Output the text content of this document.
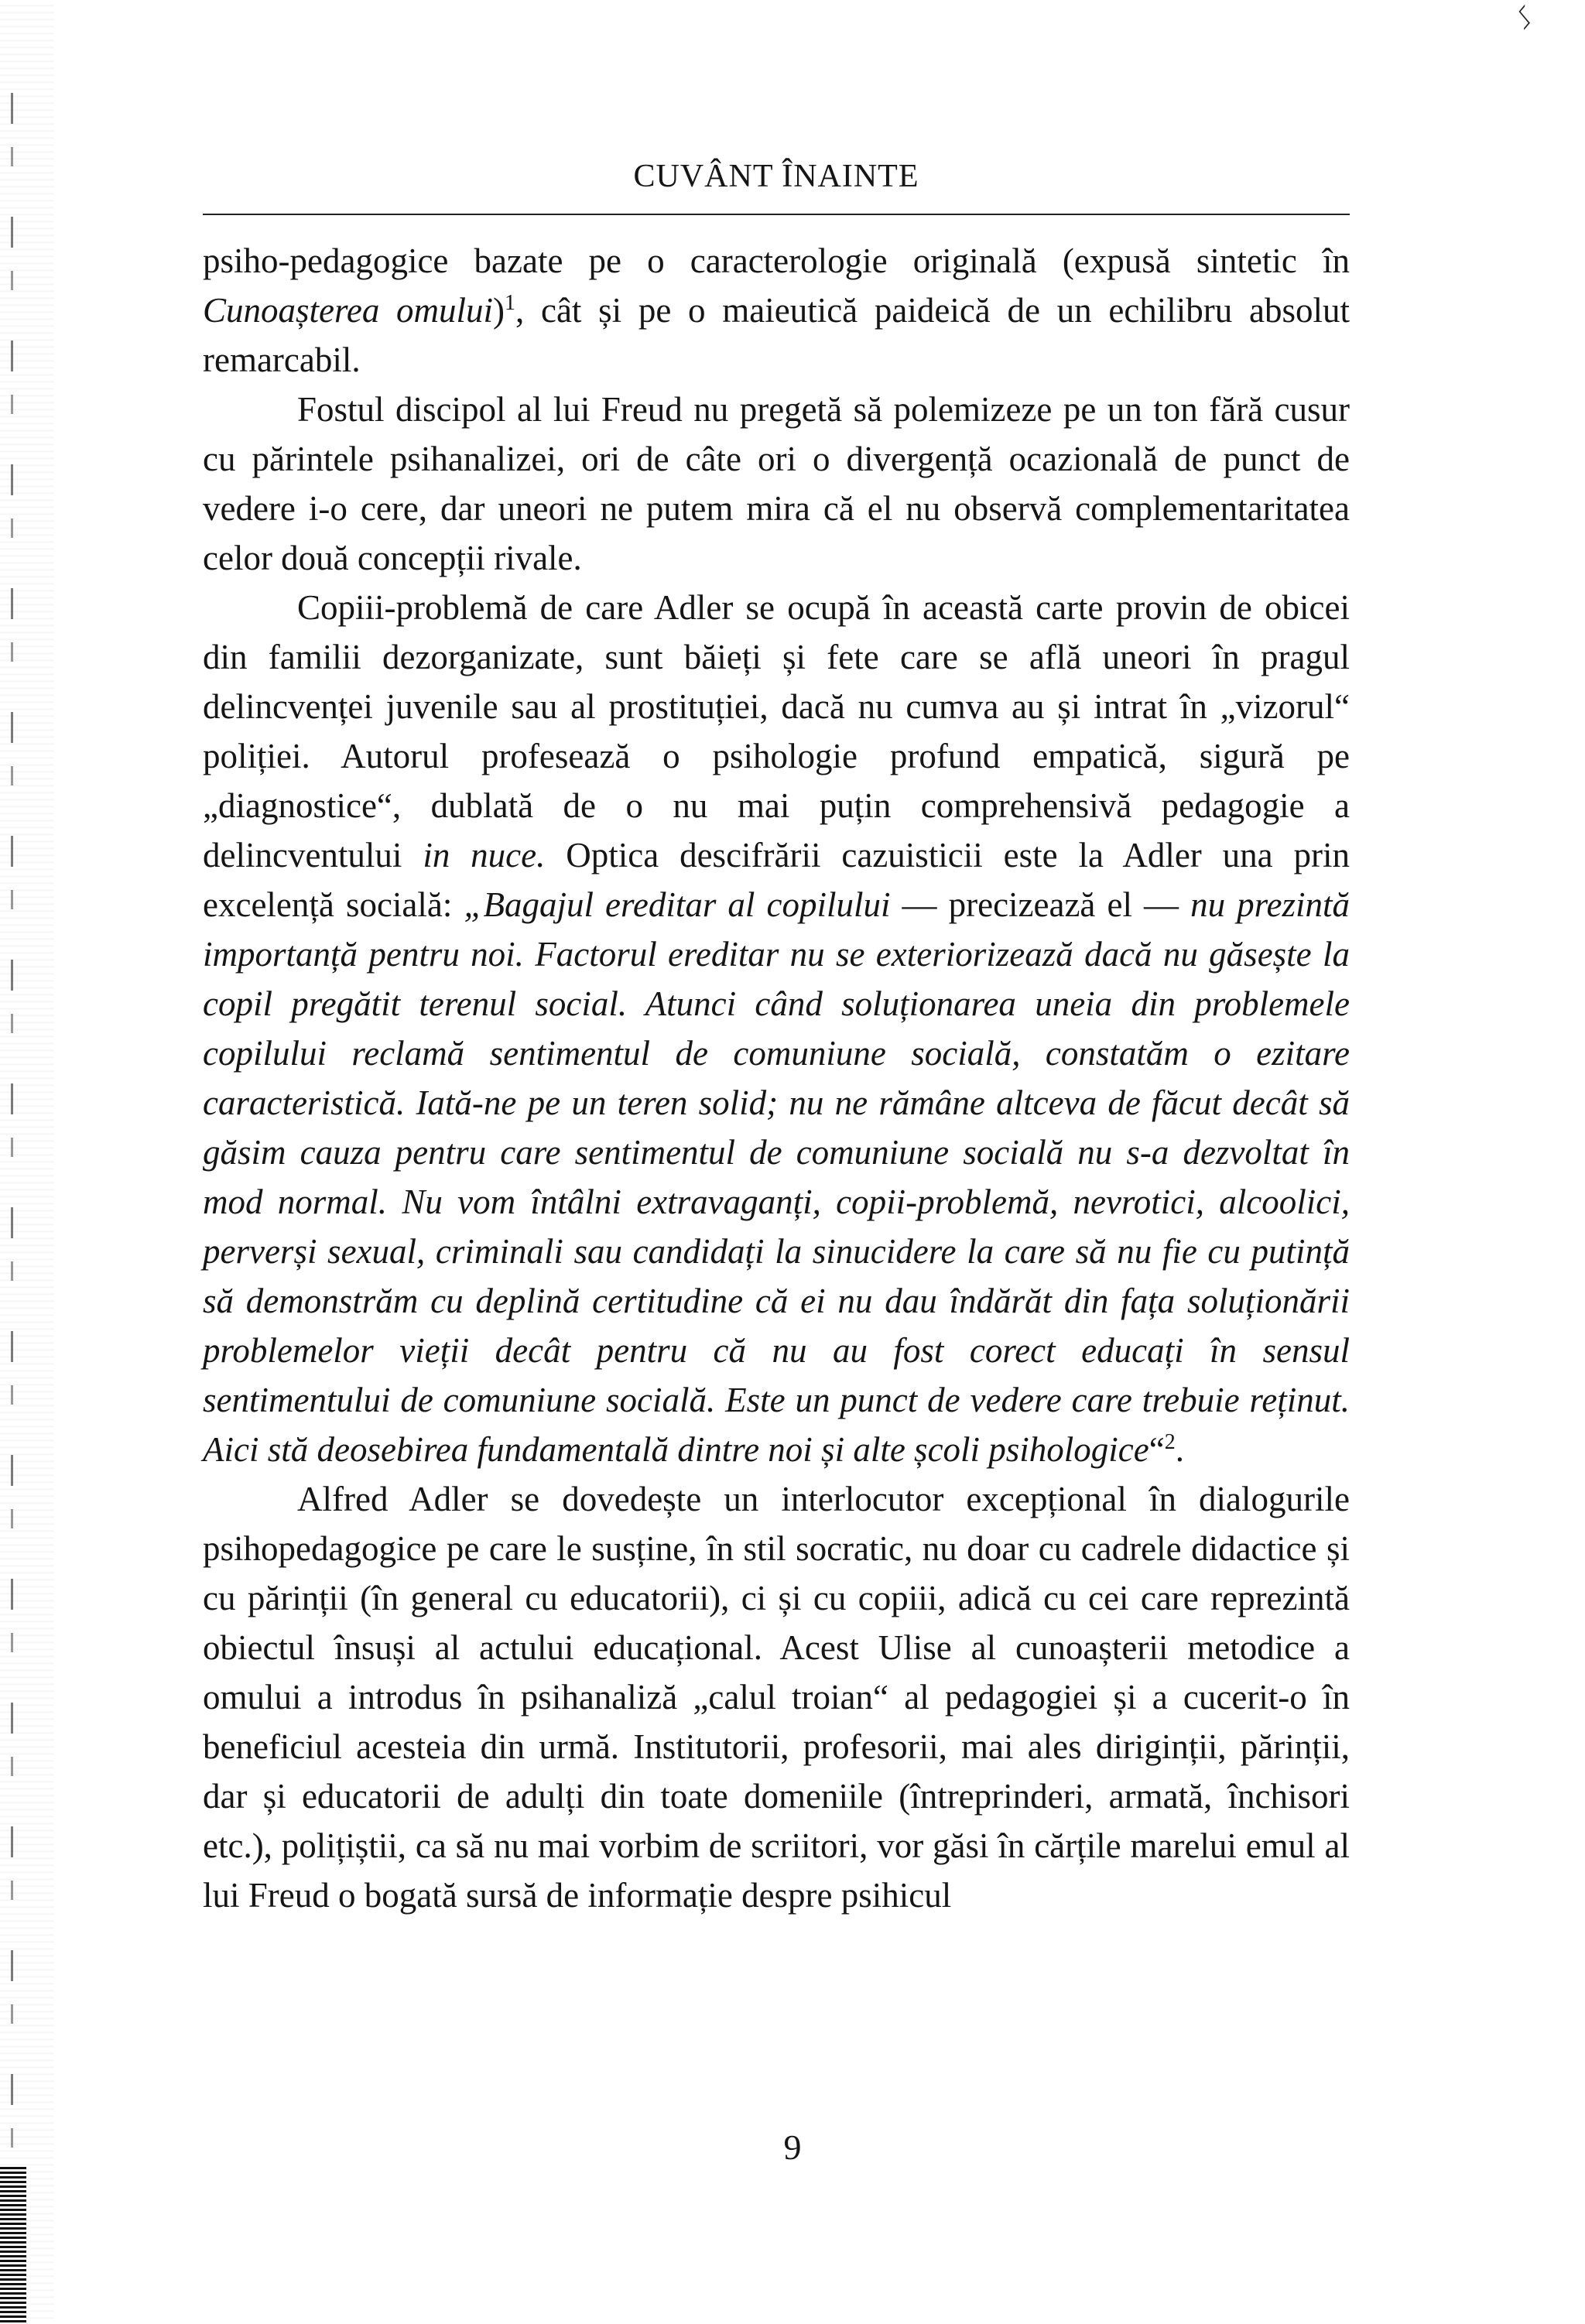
ᛊ
CUVÂNT ÎNAINTE

psiho-pedagogice bazate pe o caracterologie originală (expusă sintetic în Cunoașterea omului)$^1$, cât și pe o maieutică paideică de un echilibru absolut remarcabil.

Fostul discipol al lui Freud nu pregetă să polemizeze pe un ton fără cusur cu părintele psihanalizei, ori de câte ori o divergență ocazională de punct de vedere i-o cere, dar uneori ne putem mira că el nu observă complementaritatea celor două concepții rivale.

Copiii-problemă de care Adler se ocupă în această carte provin de obicei din familii dezorganizate, sunt băieți și fete care se află uneori în pragul delincvenței juvenile sau al prostituției, dacă nu cumva au și intrat în „vizorul“ poliției. Autorul profesează o psihologie profund empatică, sigură pe „diagnostice“, dublată de o nu mai puțin comprehensivă pedagogie a delincventului in nuce. Optica descifrării cazuisticii este la Adler una prin excelență socială: „Bagajul ereditar al copilului — precizează el — nu prezintă importanță pentru noi. Factorul ereditar nu se exteriorizează dacă nu găsește la copil pregătit terenul social. Atunci când soluționarea uneia din problemele copilului reclamă sentimentul de comuniune socială, constatăm o ezitare caracteristică. Iată-ne pe un teren solid; nu ne rămâne altceva de făcut decât să găsim cauza pentru care sentimentul de comuniune socială nu s-a dezvoltat în mod normal. Nu vom întâlni extravaganți, copii-problemă, nevrotici, alcoolici, perverși sexual, criminali sau candidați la sinucidere la care să nu fie cu putință să demonstrăm cu deplină certitudine că ei nu dau îndărăt din fața soluționării problemelor vieții decât pentru că nu au fost corect educați în sensul sentimentului de comuniune socială. Este un punct de vedere care trebuie reținut. Aici stă deosebirea fundamentală dintre noi și alte școli psihologice“$^2$.

Alfred Adler se dovedește un interlocutor excepțional în dialogurile psihopedagogice pe care le susține, în stil socratic, nu doar cu cadrele didactice și cu părinții (în general cu educatorii), ci și cu copiii, adică cu cei care reprezintă obiectul însuși al actului educațional. Acest Ulise al cunoașterii metodice a omului a introdus în psihanaliză „calul troian“ al pedagogiei și a cucerit-o în beneficiul acesteia din urmă. Institutorii, profesorii, mai ales diriginții, părinții, dar și educatorii de adulți din toate domeniile (întreprinderi, armată, închisori etc.), polițiștii, ca să nu mai vorbim de scriitori, vor găsi în cărțile marelui emul al lui Freud o bogată sursă de informație despre psihicul

9
